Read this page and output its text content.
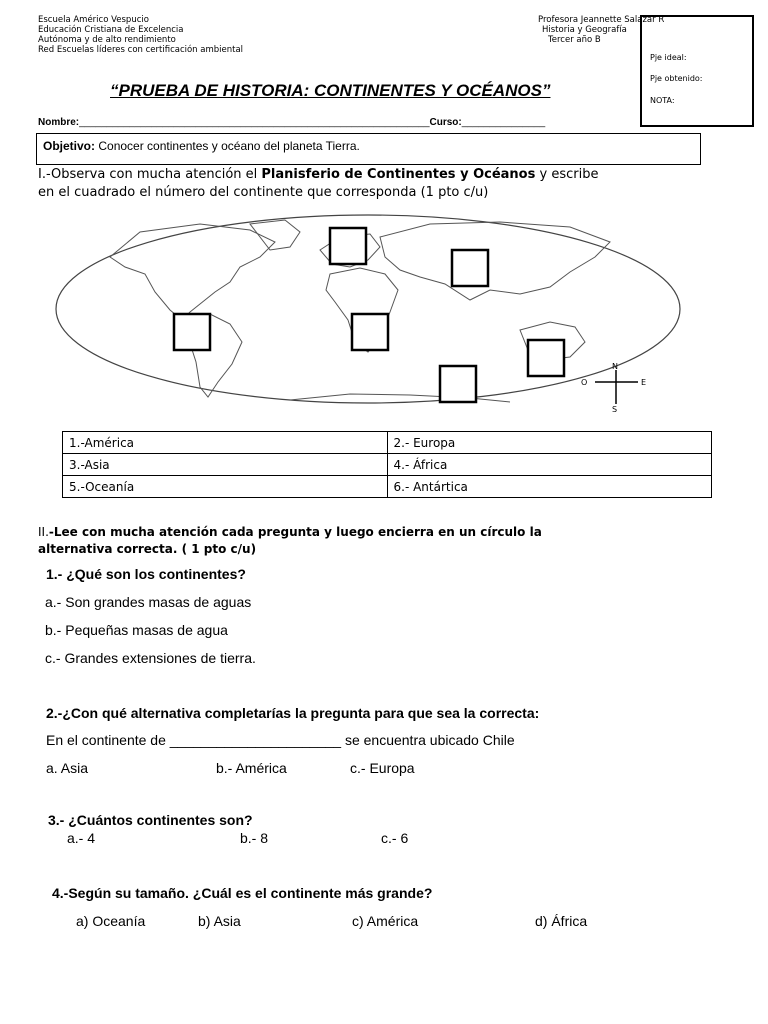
Escuela Américo Vespucio
Educación Cristiana de Excelencia
Autónoma y de alto rendimiento
Red Escuelas líderes con certificación ambiental
Profesora Jeannette Salazar R
Historia y Geografía
Tercer año B
Pje ideal:
Pje obtenido:
NOTA:
“PRUEBA DE HISTORIA: CONTINENTES Y OCÉANOS”
Nombre:_______________________________________________________________Curso:_______________
Objetivo: Conocer continentes y océano del planeta Tierra.
I.-Observa con mucha atención el Planisferio de Continentes y Océanos y escribe
en el cuadrado el número del continente que corresponda (1 pto c/u)
N
E
S
O
1.-América	2.- Europa
3.-Asia	4.- África
5.-Oceanía	6.- Antártica
II.-Lee con mucha atención cada pregunta y luego encierra en un círculo la
alternativa correcta. ( 1 pto c/u)
1.- ¿Qué son los continentes?
a.- Son grandes masas de aguas
b.- Pequeñas masas de agua
c.- Grandes extensiones de tierra.
2.-¿Con qué alternativa completarías la pregunta para que sea la correcta:
En el continente de ______________________ se encuentra ubicado Chile
a. Asia	b.- América	c.- Europa
3.- ¿Cuántos continentes son?
a.- 4	b.- 8	c.- 6
4.-Según su tamaño. ¿Cuál es el continente más grande?
a) Oceanía	b) Asia	c) América	d) África
